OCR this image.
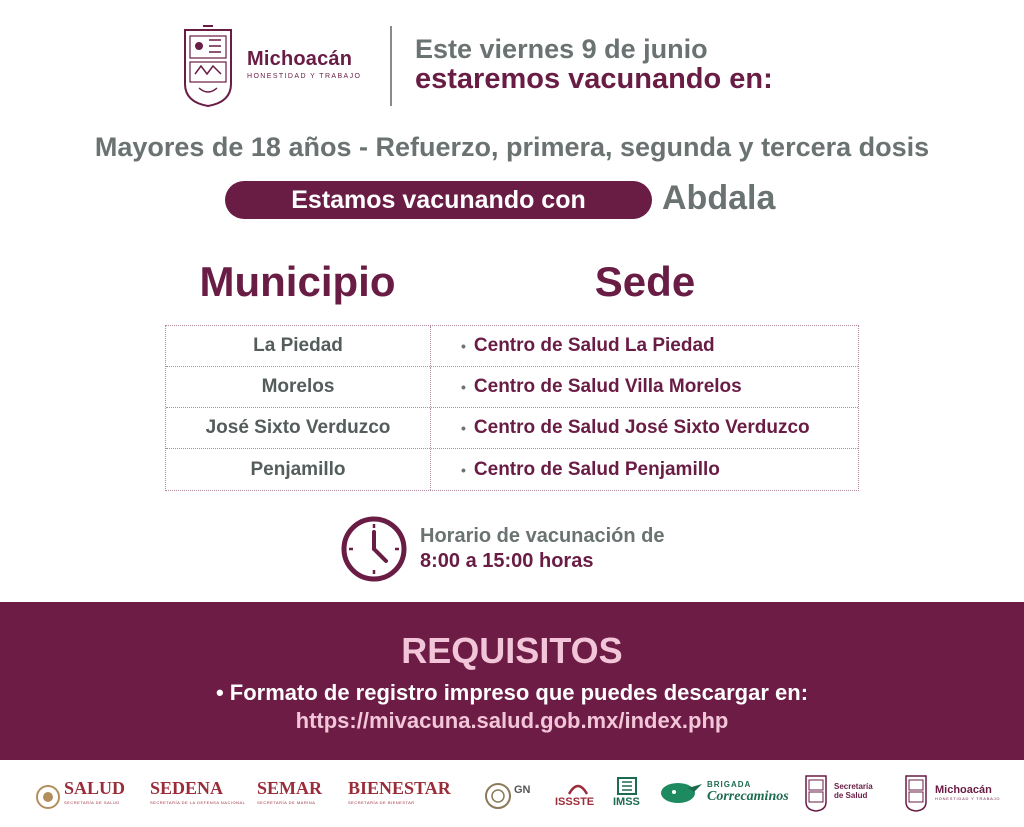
Michoacán
HONESTIDAD Y TRABAJO
Este viernes 9 de junio
estaremos vacunando en:
Mayores de 18 años - Refuerzo, primera, segunda y tercera dosis
Estamos vacunando con	Abdala
Municipio	Sede
La Piedad	• Centro de Salud La Piedad
Morelos	• Centro de Salud Villa Morelos
José Sixto Verduzco	• Centro de Salud José Sixto Verduzco
Penjamillo	• Centro de Salud Penjamillo
Horario de vacunación de
8:00 a 15:00 horas
REQUISITOS
• Formato de registro impreso que puedes descargar en:
https://mivacuna.salud.gob.mx/index.php
SALUD
SECRETARÍA DE SALUD
SEDENA
SECRETARÍA DE LA DEFENSA NACIONAL
SEMAR
SECRETARÍA DE MARINA
BIENESTAR
SECRETARÍA DE BIENESTAR
GN
ISSSTE IMSS
BRIGADA
Correcaminos
Secretaría
de Salud	Michoacán
HONESTIDAD Y TRABAJO
